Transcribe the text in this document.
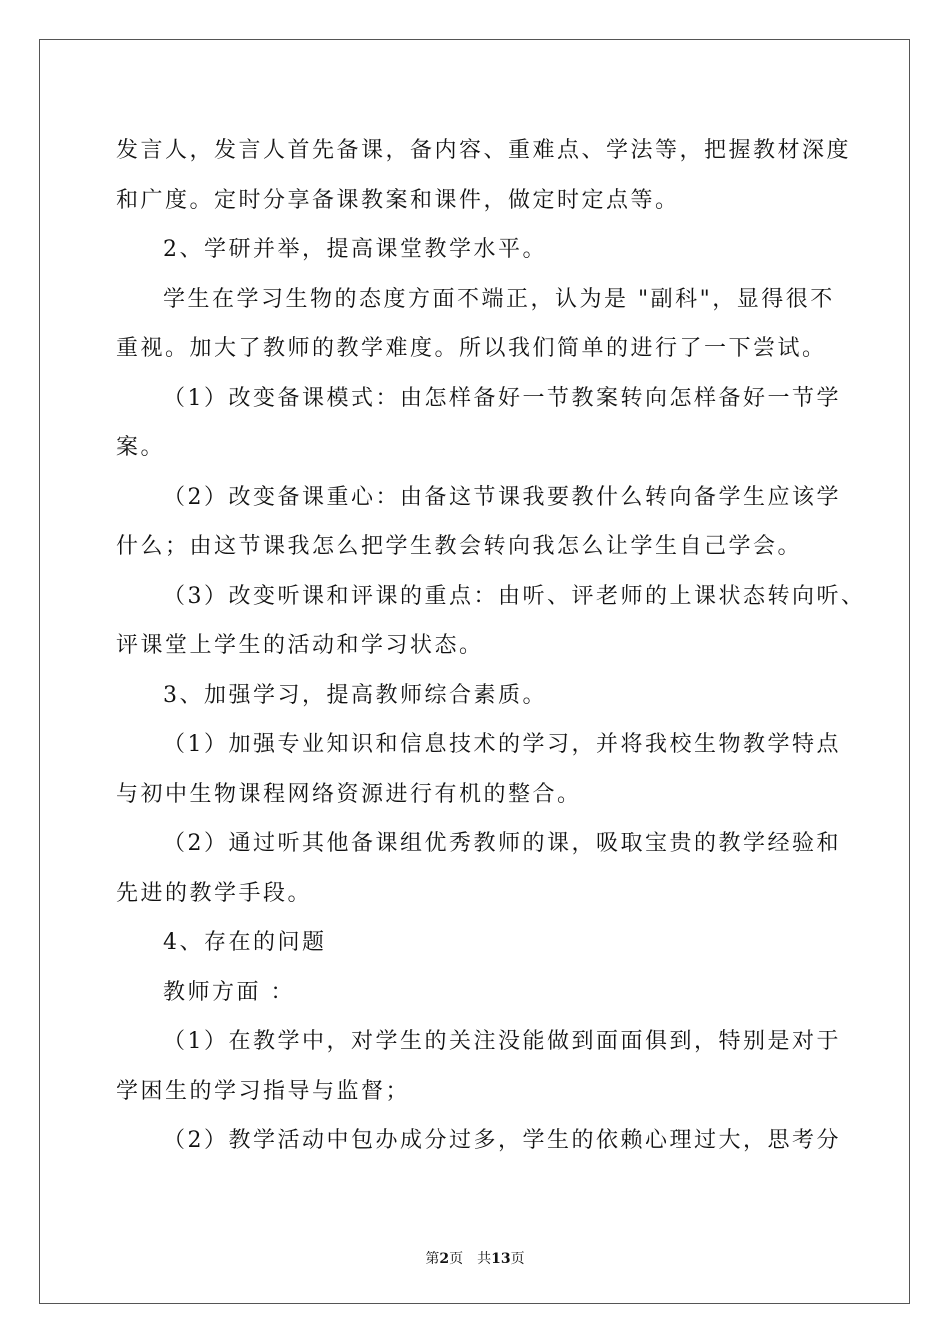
发言人，发言人首先备课，备内容、重难点、学法等，把握教材深度
和广度。定时分享备课教案和课件，做定时定点等。
2、学研并举，提高课堂教学水平。
学生在学习生物的态度方面不端正，认为是 "副科"，显得很不
重视。加大了教师的教学难度。所以我们简单的进行了一下尝试。
（1）改变备课模式：由怎样备好一节教案转向怎样备好一节学
案。
（2）改变备课重心：由备这节课我要教什么转向备学生应该学
什么；由这节课我怎么把学生教会转向我怎么让学生自己学会。
（3）改变听课和评课的重点：由听、评老师的上课状态转向听、
评课堂上学生的活动和学习状态。
3、加强学习，提高教师综合素质。
（1）加强专业知识和信息技术的学习，并将我校生物教学特点
与初中生物课程网络资源进行有机的整合。
（2）通过听其他备课组优秀教师的课，吸取宝贵的教学经验和
先进的教学手段。
4、存在的问题
教师方面 ：
（1）在教学中，对学生的关注没能做到面面俱到，特别是对于
学困生的学习指导与监督；
（2）教学活动中包办成分过多，学生的依赖心理过大，思考分
第2页 共13页
